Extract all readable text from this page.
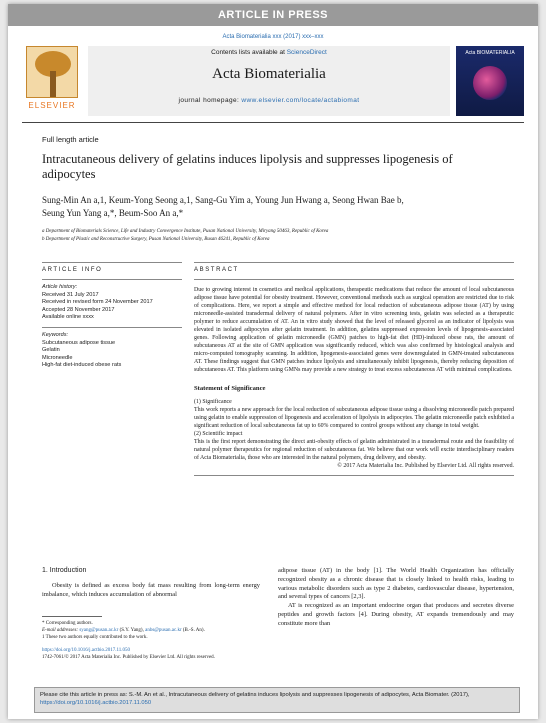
ARTICLE IN PRESS
Acta Biomaterialia xxx (2017) xxx–xxx
ELSEVIER
Contents lists available at ScienceDirect
Acta Biomaterialia
journal homepage: www.elsevier.com/locate/actabiomat
Acta BIOMATERIALIA
Full length article
Intracutaneous delivery of gelatins induces lipolysis and suppresses lipogenesis of adipocytes
Sung-Min An a,1, Keum-Yong Seong a,1, Sang-Gu Yim a, Young Jun Hwang a, Seong Hwan Bae b,
Seung Yun Yang a,*, Beum-Soo An a,*
a Department of Biomaterials Science, Life and Industry Convergence Institute, Pusan National University, Miryang 50463, Republic of Korea
b Department of Plastic and Reconstructive Surgery, Pusan National University, Busan 46241, Republic of Korea
ARTICLE INFO
Article history:
Received 31 July 2017
Received in revised form 24 November 2017
Accepted 28 November 2017
Available online xxxx
Keywords:
Subcutaneous adipose tissue
Gelatin
Microneedle
High-fat diet-induced obese rats
ABSTRACT
Due to growing interest in cosmetics and medical applications, therapeutic medications that reduce the amount of local subcutaneous adipose tissue have potential for obesity treatment. However, conventional methods such as surgical operation are restricted due to risk of complications. Here, we report a simple and effective method for local reduction of subcutaneous adipose tissue (AT) by using microneedle-assisted transdermal delivery of natural polymers. After in vitro screening tests, gelatin was selected as a therapeutic polymer to reduce accumulation of AT. An in vitro study showed that the level of released glycerol as an indicator of lipolysis was elevated in isolated adipocytes after gelatin treatment. In addition, gelatins suppressed expression levels of lipogenesis-associated genes. Following application of gelatin microneedle (GMN) patches to high-fat diet (HD)-induced obese rats, the amount of subcutaneous AT at the site of GMN application was significantly reduced, which was also confirmed by histological analysis and micro-computed tomography scanning. In addition, lipogenesis-associated genes were downregulated in GMN-treated subcutaneous AT. These findings suggest that GMN patches induce lipolysis and simultaneously inhibit lipogenesis, thereby reducing deposition of subcutaneous AT. This platform using GMNs may provide a new strategy to treat excess subcutaneous AT with minimal complications.
Statement of Significance
(1) Significance
This work reports a new approach for the local reduction of subcutaneous adipose tissue using a dissolving microneedle patch prepared using gelatin to enable suppression of lipogenesis and acceleration of lipolysis in adipocytes. The gelatin microneedle patch exhibited a significant reduction of local subcutaneous fat up to 60% compared to control groups without any change in total weight.
(2) Scientific impact
This is the first report demonstrating the direct anti-obesity effects of gelatin administrated in a transdermal route and the feasibility of natural polymer therapeutics for regional reduction of subcutaneous fat. We believe that our work will excite interdisciplinary readers of Acta Biomaterialia, those who are interested in the natural polymers, drug delivery, and obesity.
© 2017 Acta Materialia Inc. Published by Elsevier Ltd. All rights reserved.
1. Introduction
Obesity is defined as excess body fat mass resulting from long-term energy imbalance, which induces accumulation of abnormal
* Corresponding authors.
E-mail addresses: syang@pusan.ac.kr (S.Y. Yang), anbs@pusan.ac.kr (B.-S. An).
1 These two authors equally contributed to the work.
https://doi.org/10.1016/j.actbio.2017.11.050
1742-7061/© 2017 Acta Materialia Inc. Published by Elsevier Ltd. All rights reserved.
adipose tissue (AT) in the body [1]. The World Health Organization has officially recognized obesity as a chronic disease that is closely linked to health risks, leading to various metabolic disorders such as type 2 diabetes, cardiovascular disease, hypertension, and several types of cancers [2,3].
AT is recognized as an important endocrine organ that produces and secretes diverse peptides and growth factors [4]. During obesity, AT expands tremendously and may constitute more than
Please cite this article in press as: S.-M. An et al., Intracutaneous delivery of gelatins induces lipolysis and suppresses lipogenesis of adipocytes, Acta Biomater. (2017), https://doi.org/10.1016/j.actbio.2017.11.050
